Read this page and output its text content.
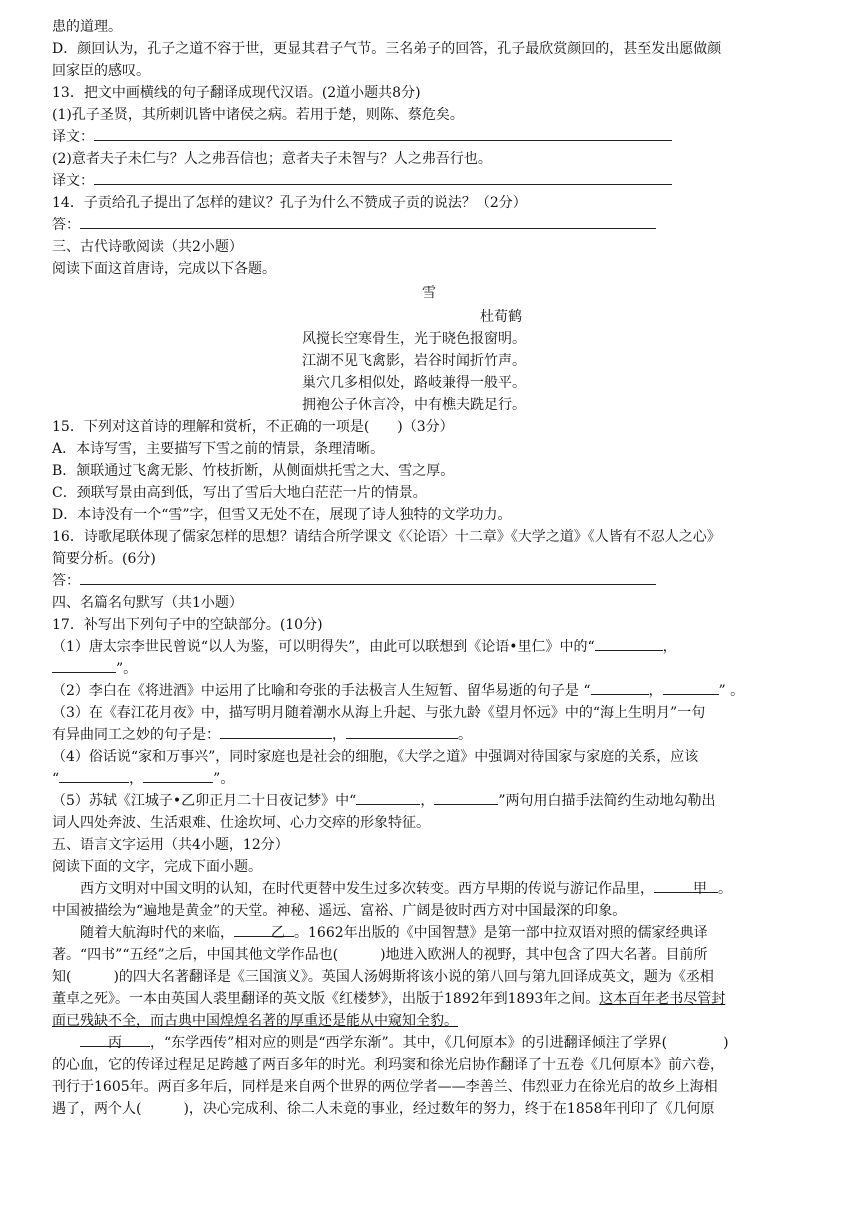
患的道理。

D．颜回认为，孔子之道不容于世，更显其君子气节。三名弟子的回答，孔子最欣赏颜回的，甚至发出愿做颜

回家臣的感叹。

13．把文中画横线的句子翻译成现代汉语。(2道小题共8分)

(1)孔子圣贤，其所刺讥皆中诸侯之病。若用于楚，则陈、蔡危矣。

译文：

(2)意者夫子未仁与？人之弗吾信也；意者夫子未智与？人之弗吾行也。

译文：

14．子贡给孔子提出了怎样的建议？孔子为什么不赞成子贡的说法？（2分）

答：

三、古代诗歌阅读（共2小题）

阅读下面这首唐诗，完成以下各题。

雪

杜荀鹤

风搅长空寒骨生，光于晓色报窗明。

江湖不见飞禽影，岩谷时闻折竹声。

巢穴几多相似处，路岐兼得一般平。

拥袍公子休言冷，中有樵夫跣足行。

15．下列对这首诗的理解和赏析，不正确的一项是(　　)（3分）

A．本诗写雪，主要描写下雪之前的情景，条理清晰。

B．颔联通过飞禽无影、竹枝折断，从侧面烘托雪之大、雪之厚。

C．颈联写景由高到低，写出了雪后大地白茫茫一片的情景。

D．本诗没有一个“雪”字，但雪又无处不在，展现了诗人独特的文学功力。

16．诗歌尾联体现了儒家怎样的思想？请结合所学课文《〈论语〉十二章》《大学之道》《人皆有不忍人之心》

简要分析。(6分)

答：

四、名篇名句默写（共1小题）

17．补写出下列句子中的空缺部分。(10分)

（1）唐太宗李世民曾说“以人为鉴，可以明得失”，由此可以联想到《论语•里仁》中的“	，

”。

（2）李白在《将进酒》中运用了比喻和夸张的手法极言人生短暂、留华易逝的句子是 “	，	” 。

（3）在《春江花月夜》中，描写明月随着潮水从海上升起、与张九龄《望月怀远》中的“海上生明月”一句

有异曲同工之妙的句子是：	，	。

（4）俗话说“家和万事兴”，同时家庭也是社会的细胞，《大学之道》中强调对待国家与家庭的关系，应该

“	，	”。

（5）苏轼《江城子•乙卯正月二十日夜记梦》中“	，	”两句用白描手法简约生动地勾勒出

词人四处奔波、生活艰难、仕途坎坷、心力交瘁的形象特征。

五、语言文字运用（共4小题，12分）

阅读下面的文字，完成下面小题。

西方文明对中国文明的认知，在时代更替中发生过多次转变。西方早期的传说与游记作品里，	甲 。

中国被描绘为“遍地是黄金”的天堂。神秘、遥远、富裕、广阔是彼时西方对中国最深的印象。

随着大航海时代的来临，	乙 。1662年出版的《中国智慧》是第一部中拉双语对照的儒家经典译

著。“四书”“五经”之后，中国其他文学作品也(　　　)地进入欧洲人的视野，其中包含了四大名著。目前所

知(　　　)的四大名著翻译是《三国演义》。英国人汤姆斯将该小说的第八回与第九回译成英文，题为《丞相

董卓之死》。一本由英国人裘里翻译的英文版《红楼梦》，出版于1892年到1893年之间。这本百年老书尽管封

面已残缺不全，而古典中国煌煌名著的厚重还是能从中窥知全豹。

丙 ，“东学西传”相对应的则是“西学东渐”。其中，《几何原本》的引进翻译倾注了学界(　　　　)

的心血，它的传译过程足足跨越了两百多年的时光。利玛窦和徐光启协作翻译了十五卷《几何原本》前六卷，

刊行于1605年。两百多年后，同样是来自两个世界的两位学者——李善兰、伟烈亚力在徐光启的故乡上海相

遇了，两个人(　　　)，决心完成利、徐二人未竟的事业，经过数年的努力，终于在1858年刊印了《几何原
